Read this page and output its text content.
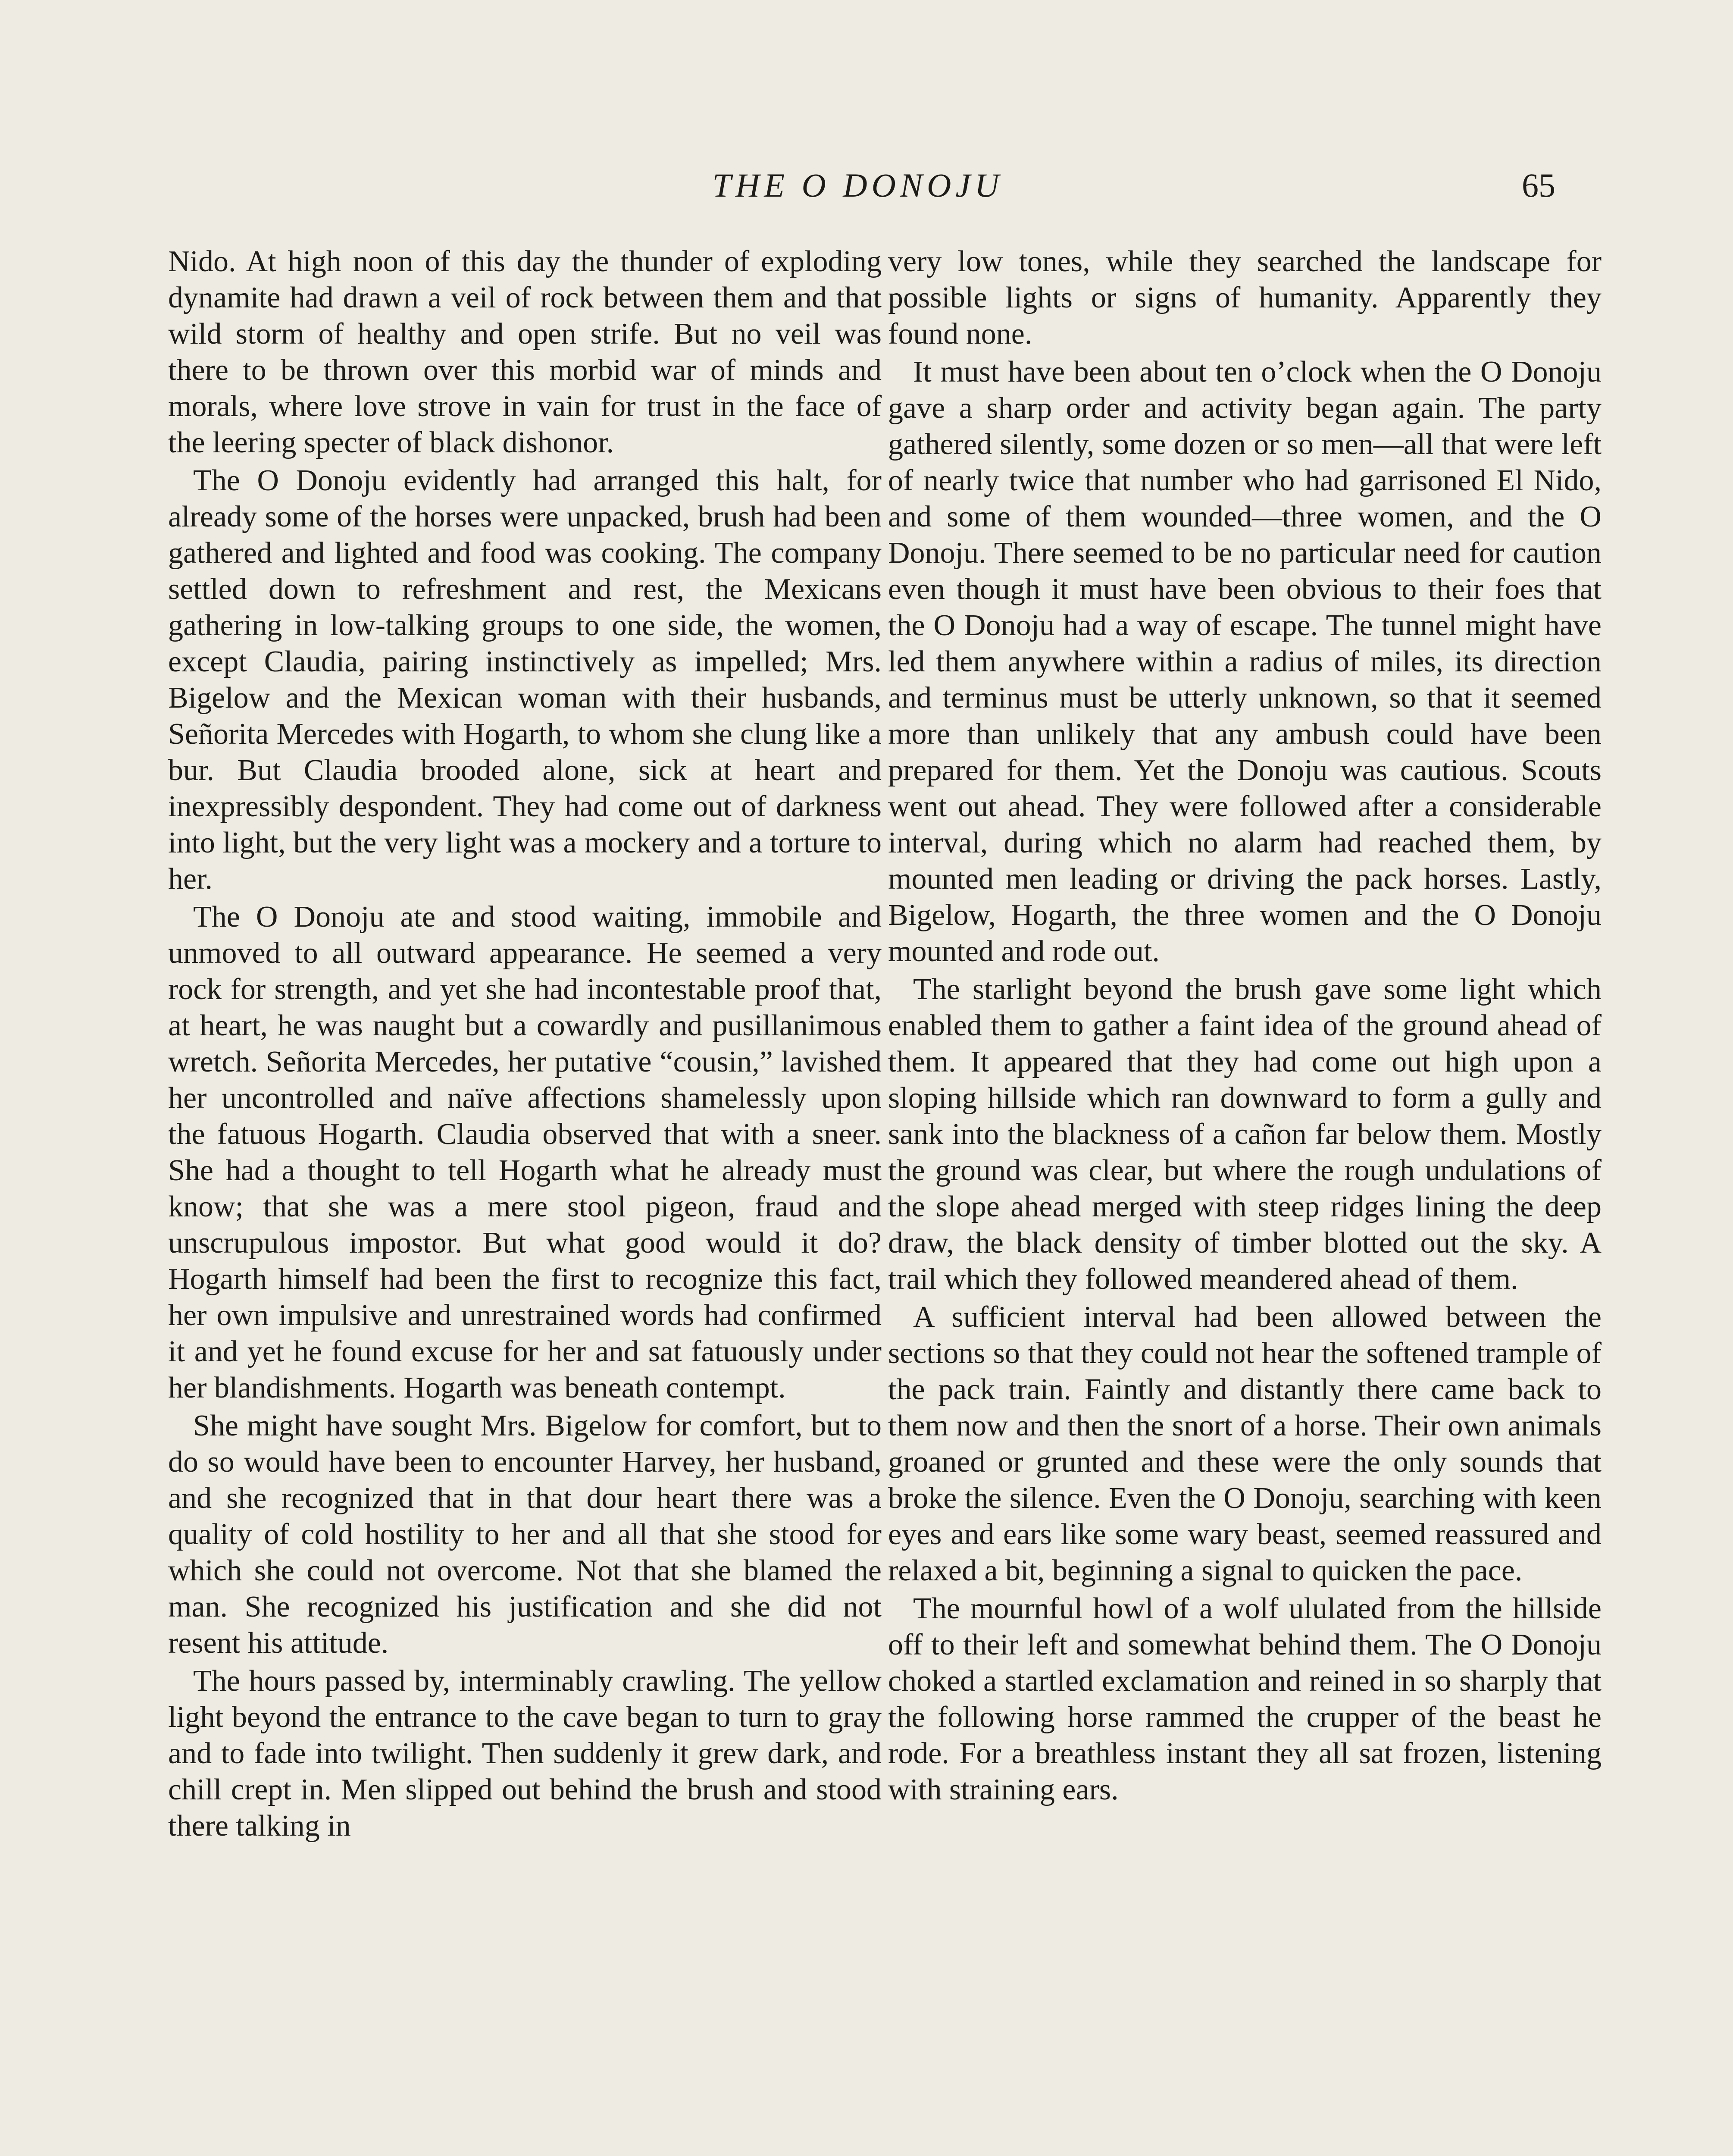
THE O DONOJU	65

Nido. At high noon of this day the thunder of exploding dynamite had drawn a veil of rock between them and that wild storm of healthy and open strife. But no veil was there to be thrown over this morbid war of minds and morals, where love strove in vain for trust in the face of the leering specter of black dishonor.

The O Donoju evidently had arranged this halt, for already some of the horses were unpacked, brush had been gathered and lighted and food was cooking. The company settled down to refreshment and rest, the Mexicans gathering in low-talking groups to one side, the women, except Claudia, pairing instinctively as impelled; Mrs. Bigelow and the Mexican woman with their husbands, Señorita Mercedes with Hogarth, to whom she clung like a bur. But Claudia brooded alone, sick at heart and inexpressibly despondent. They had come out of darkness into light, but the very light was a mockery and a torture to her.

The O Donoju ate and stood waiting, immobile and unmoved to all outward appearance. He seemed a very rock for strength, and yet she had incontestable proof that, at heart, he was naught but a cowardly and pusillanimous wretch. Señorita Mercedes, her putative “cousin,” lavished her uncontrolled and naïve affections shamelessly upon the fatuous Hogarth. Claudia observed that with a sneer. She had a thought to tell Hogarth what he already must know; that she was a mere stool pigeon, fraud and unscrupulous impostor. But what good would it do? Hogarth himself had been the first to recognize this fact, her own impulsive and unrestrained words had confirmed it and yet he found excuse for her and sat fatuously under her blandishments. Hogarth was beneath contempt.

She might have sought Mrs. Bigelow for comfort, but to do so would have been to encounter Harvey, her husband, and she recognized that in that dour heart there was a quality of cold hostility to her and all that she stood for which she could not overcome. Not that she blamed the man. She recognized his justification and she did not resent his attitude.

The hours passed by, interminably crawling. The yellow light beyond the entrance to the cave began to turn to gray and to fade into twilight. Then suddenly it grew dark, and chill crept in. Men slipped out behind the brush and stood there talking in

very low tones, while they searched the landscape for possible lights or signs of humanity. Apparently they found none.

It must have been about ten o’clock when the O Donoju gave a sharp order and activity began again. The party gathered silently, some dozen or so men—all that were left of nearly twice that number who had garrisoned El Nido, and some of them wounded—three women, and the O Donoju. There seemed to be no particular need for caution even though it must have been obvious to their foes that the O Donoju had a way of escape. The tunnel might have led them anywhere within a radius of miles, its direction and terminus must be utterly unknown, so that it seemed more than unlikely that any ambush could have been prepared for them. Yet the Donoju was cautious. Scouts went out ahead. They were followed after a considerable interval, during which no alarm had reached them, by mounted men leading or driving the pack horses. Lastly, Bigelow, Hogarth, the three women and the O Donoju mounted and rode out.

The starlight beyond the brush gave some light which enabled them to gather a faint idea of the ground ahead of them. It appeared that they had come out high upon a sloping hillside which ran downward to form a gully and sank into the blackness of a cañon far below them. Mostly the ground was clear, but where the rough undulations of the slope ahead merged with steep ridges lining the deep draw, the black density of timber blotted out the sky. A trail which they followed meandered ahead of them.

A sufficient interval had been allowed between the sections so that they could not hear the softened trample of the pack train. Faintly and distantly there came back to them now and then the snort of a horse. Their own animals groaned or grunted and these were the only sounds that broke the silence. Even the O Donoju, searching with keen eyes and ears like some wary beast, seemed reassured and relaxed a bit, beginning a signal to quicken the pace.

The mournful howl of a wolf ululated from the hillside off to their left and somewhat behind them. The O Donoju choked a startled exclamation and reined in so sharply that the following horse rammed the crupper of the beast he rode. For a breathless instant they all sat frozen, listening with straining ears.
